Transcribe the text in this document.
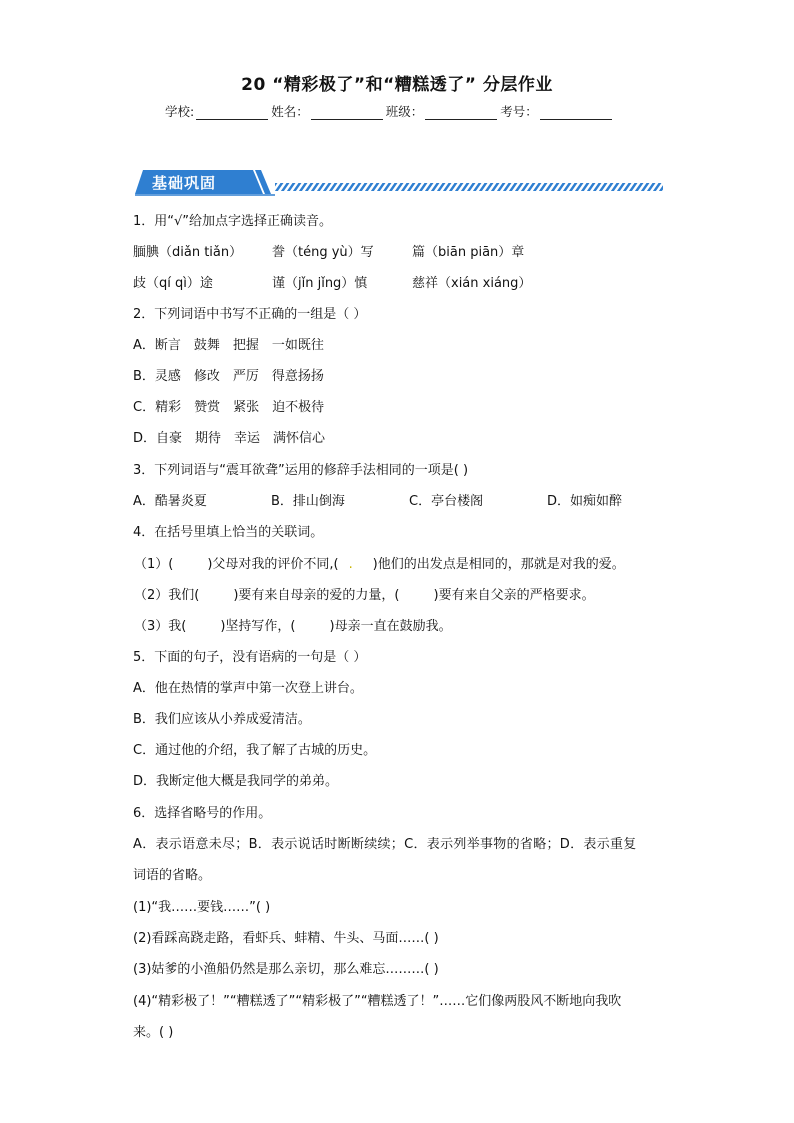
20 “精彩极了”和“糟糕透了” 分层作业
学校:	姓名：	班级：	考号：
基础巩固
1．用“√”给加点字选择正确读音。
腼腆（diǎn tiǎn） 誊（téng yù）写	篇（biān piān）章
歧（qí qì）途	谨（jǐn jǐng）慎	慈祥（xián xiáng）
2．下列词语中书写不正确的一组是（ ）
A．断言　鼓舞　把握　一如既往
B．灵感　修改　严厉　得意扬扬
C．精彩　赞赏　紧张　迫不极待
D．自豪　期待　幸运　满怀信心
3．下列词语与“震耳欲聋”运用的修辞手法相同的一项是( )
A．酷暑炎夏	B．排山倒海	C．亭台楼阁	D．如痴如醉
4．在括号里填上恰当的关联词。
（1）(	)父母对我的评价不同,( . )他们的出发点是相同的，那就是对我的爱。
（2）我们(	)要有来自母亲的爱的力量，(	)要有来自父亲的严格要求。
（3）我(	)坚持写作，(	)母亲一直在鼓励我。
5．下面的句子，没有语病的一句是（ ）
A．他在热情的掌声中第一次登上讲台。
B．我们应该从小养成爱清洁。
C．通过他的介绍，我了解了古城的历史。
D．我断定他大概是我同学的弟弟。
6．选择省略号的作用。
A．表示语意未尽；B．表示说话时断断续续；C．表示列举事物的省略；D．表示重复
词语的省略。
(1)“我……要钱……”( )
(2)看踩高跷走路，看虾兵、蚌精、牛头、马面……( )
(3)姑爹的小渔船仍然是那么亲切，那么难忘………( )
(4)“精彩极了！”“糟糕透了”“精彩极了”“糟糕透了！”……它们像两股风不断地向我吹
来。( )
